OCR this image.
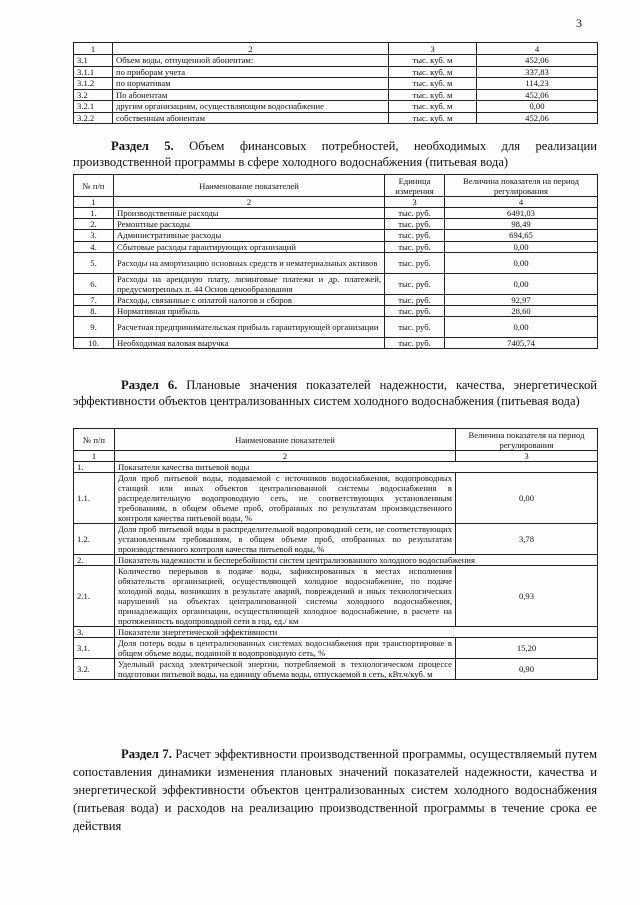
3
1	2	3	4
3.1	Объем воды, отпущенной абонентам:	тыс. куб. м	452,06
3.1.1	по приборам учета	тыс. куб. м	337,83
3.1.2	по нормативам	тыс. куб. м	114,23
3.2	По абонентам	тыс. куб. м	452,06
3.2.1	другим организациям, осуществляющим водоснабжение	тыс. куб. м	0,00
3.2.2	собственным абонентам	тыс. куб. м	452,06
Раздел 5. Объем финансовых потребностей, необходимых для реализации производственной программы в сфере холодного водоснабжения (питьевая вода)
№ п/п	Наименование показателей	Единица измерения	Величина показателя на период регулирования
1	2	3	4
1.	Производственные расходы	тыс. руб.	6491,03
2.	Ремонтные расходы	тыс. руб.	98,49
3.	Административные расходы	тыс. руб.	694,65
4.	Сбытовые расходы гарантирующих организаций	тыс. руб.	0,00
5.	Расходы на амортизацию основных средств и нематериальных активов	тыс. руб.	0,00
6.	Расходы на арендную плату, лизинговые платежи и др. платежей, предусмотренных п. 44 Основ ценообразования	тыс. руб.	0,00
7.	Расходы, связанные с оплатой налогов и сборов	тыс. руб.	92,97
8.	Нормативная прибыль	тыс. руб.	28,60
9.	Расчетная предпринимательская прибыль гарантирующей организации	тыс. руб.	0,00
10.	Необходимая валовая выручка	тыс. руб.	7405,74
Раздел 6. Плановые значения показателей надежности, качества, энергетической эффективности объектов централизованных систем холодного водоснабжения (питьевая вода)
№ п/п	Наименование показателей	Величина показателя на период регулирования
1	2	3
1.	Показатели качества питьевой воды	
1.1.	Доля проб питьевой воды, подаваемой с источников водоснабжения, водопроводных станций или иных объектов централизованной системы водоснабжения в распределительную водопроводную сеть, не соответствующих установленным требованиям, в общем объеме проб, отобранных по результатам производственного контроля качества питьевой воды, %	0,00
1.2.	Доля проб питьевой воды в распределительной водопроводной сети, не соответствующих установленным требованиям, в общем объеме проб, отобранных по результатам производственного контроля качества питьевой воды, %	3,78
2.	Показатель надежности и бесперебойности систем централизованного холодного водоснабжения	
2.1.	Количество перерывов в подаче воды, зафиксированных в местах исполнения обязательств организацией, осуществляющей холодное водоснабжение, по подаче холодной воды, возникших в результате аварий, повреждений и иных технологических нарушений на объектах централизованной системы холодного водоснабжения, принадлежащих организации, осуществляющей холодное водоснабжение, в расчете на протяженность водопроводной сети в год, ед./ км	0,93
3.	Показатели энергетической эффективности	
3.1.	Доля потерь воды в централизованных системах водоснабжения при транспортировке в общем объеме воды, поданной в водопроводную сеть, %	15,20
3.2.	Удельный расход электрической энергии, потребляемой в технологическом процессе подготовки питьевой воды, на единицу объема воды, отпускаемой в сеть, кВт.ч/куб. м	0,90
Раздел 7. Расчет эффективности производственной программы, осуществляемый путем сопоставления динамики изменения плановых значений показателей надежности, качества и энергетической эффективности объектов централизованных систем холодного водоснабжения (питьевая вода) и расходов на реализацию производственной программы в течение срока ее действия
